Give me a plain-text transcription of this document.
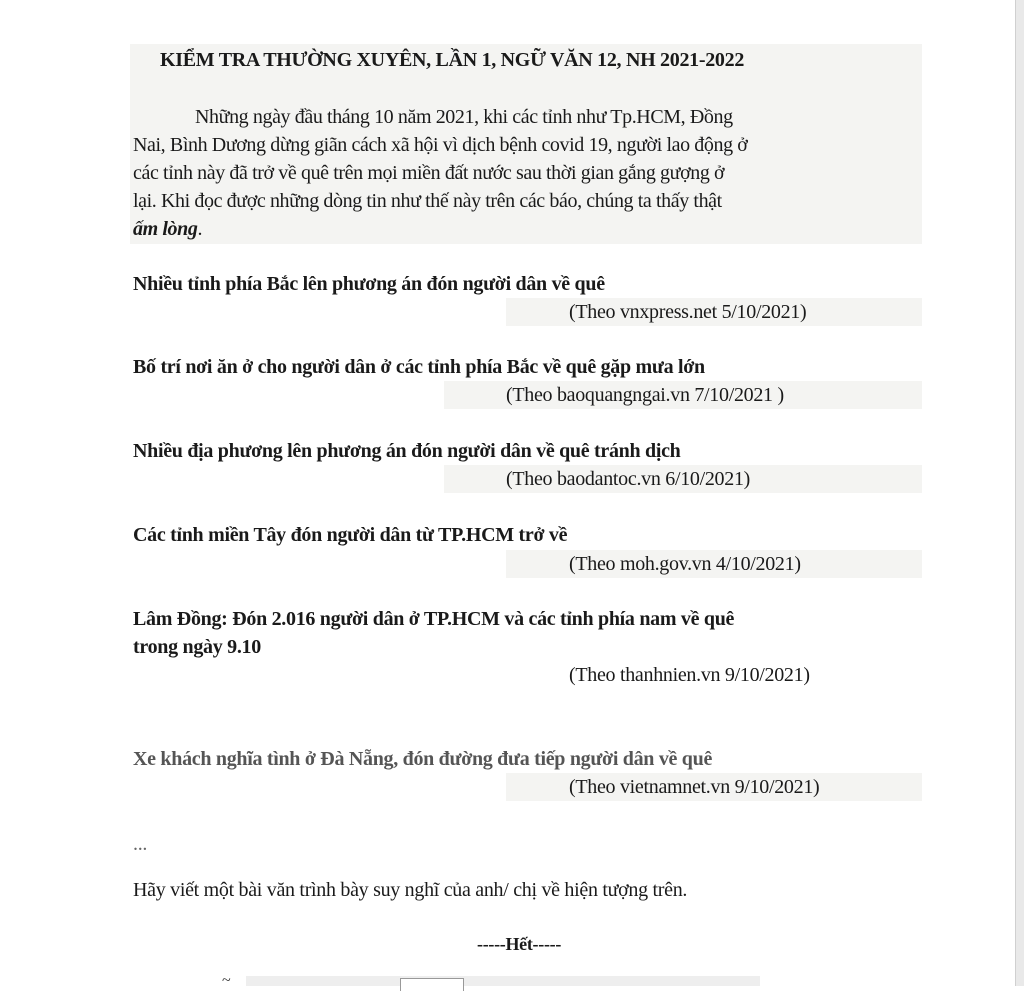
KIỂM TRA THƯỜNG XUYÊN, LẦN 1, NGỮ VĂN 12, NH 2021-2022
Những ngày đầu tháng 10 năm 2021, khi các tỉnh như Tp.HCM, Đồng
Nai, Bình Dương dừng giãn cách xã hội vì dịch bệnh covid 19, người lao động ở
các tỉnh này đã trở về quê trên mọi miền đất nước sau thời gian gắng gượng ở
lại. Khi đọc được những dòng tin như thế này trên các báo, chúng ta thấy thật
ấm lòng.
Nhiều tỉnh phía Bắc lên phương án đón người dân về quê
(Theo vnxpress.net 5/10/2021)
Bố trí nơi ăn ở cho người dân ở các tỉnh phía Bắc về quê gặp mưa lớn
(Theo baoquangngai.vn 7/10/2021 )
Nhiều địa phương lên phương án đón người dân về quê tránh dịch
(Theo baodantoc.vn 6/10/2021)
Các tỉnh miền Tây đón người dân từ TP.HCM trở về
(Theo moh.gov.vn 4/10/2021)
Lâm Đồng: Đón 2.016 người dân ở TP.HCM và các tỉnh phía nam về quê
trong ngày 9.10
(Theo thanhnien.vn 9/10/2021)
Xe khách nghĩa tình ở Đà Nẵng, đón đường đưa tiếp người dân về quê
(Theo vietnamnet.vn 9/10/2021)
...
Hãy viết một bài văn trình bày suy nghĩ của anh/ chị về hiện tượng trên.
-----Hết-----
~
